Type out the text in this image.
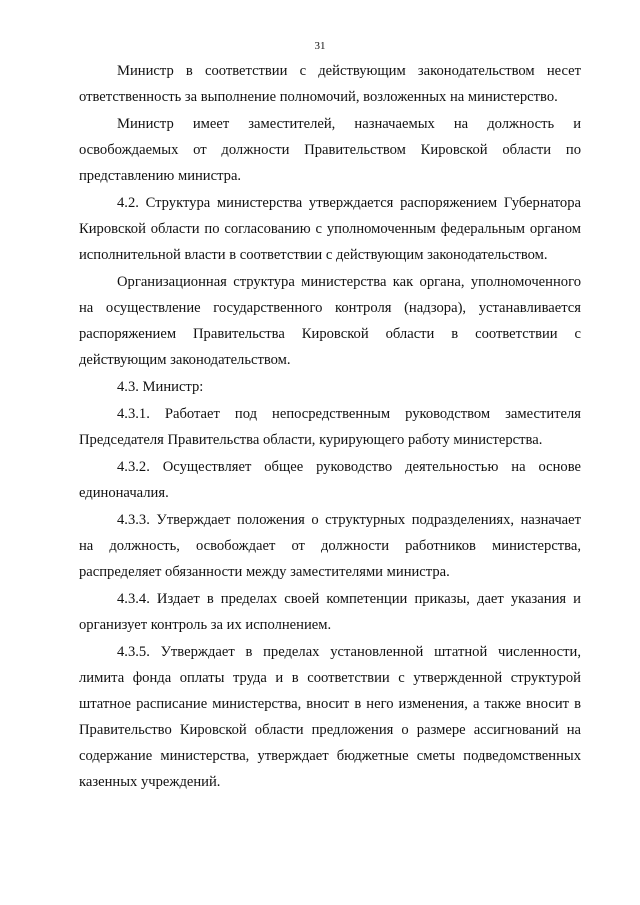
31

Министр в соответствии с действующим законодательством несет ответственность за выполнение полномочий, возложенных на министерство.

Министр имеет заместителей, назначаемых на должность и освобождаемых от должности Правительством Кировской области по представлению министра.

4.2. Структура министерства утверждается распоряжением Губернатора Кировской области по согласованию с уполномоченным федеральным органом исполнительной власти в соответствии с действующим законодательством.

Организационная структура министерства как органа, уполномоченного на осуществление государственного контроля (надзора), устанавливается распоряжением Правительства Кировской области в соответствии с действующим законодательством.

4.3. Министр:

4.3.1. Работает под непосредственным руководством заместителя Председателя Правительства области, курирующего работу министерства.

4.3.2. Осуществляет общее руководство деятельностью на основе единоначалия.

4.3.3. Утверждает положения о структурных подразделениях, назначает на должность, освобождает от должности работников министерства, распределяет обязанности между заместителями министра.

4.3.4. Издает в пределах своей компетенции приказы, дает указания и организует контроль за их исполнением.

4.3.5. Утверждает в пределах установленной штатной численности, лимита фонда оплаты труда и в соответствии с утвержденной структурой штатное расписание министерства, вносит в него изменения, а также вносит в Правительство Кировской области предложения о размере ассигнований на содержание министерства, утверждает бюджетные сметы подведомственных казенных учреждений.
